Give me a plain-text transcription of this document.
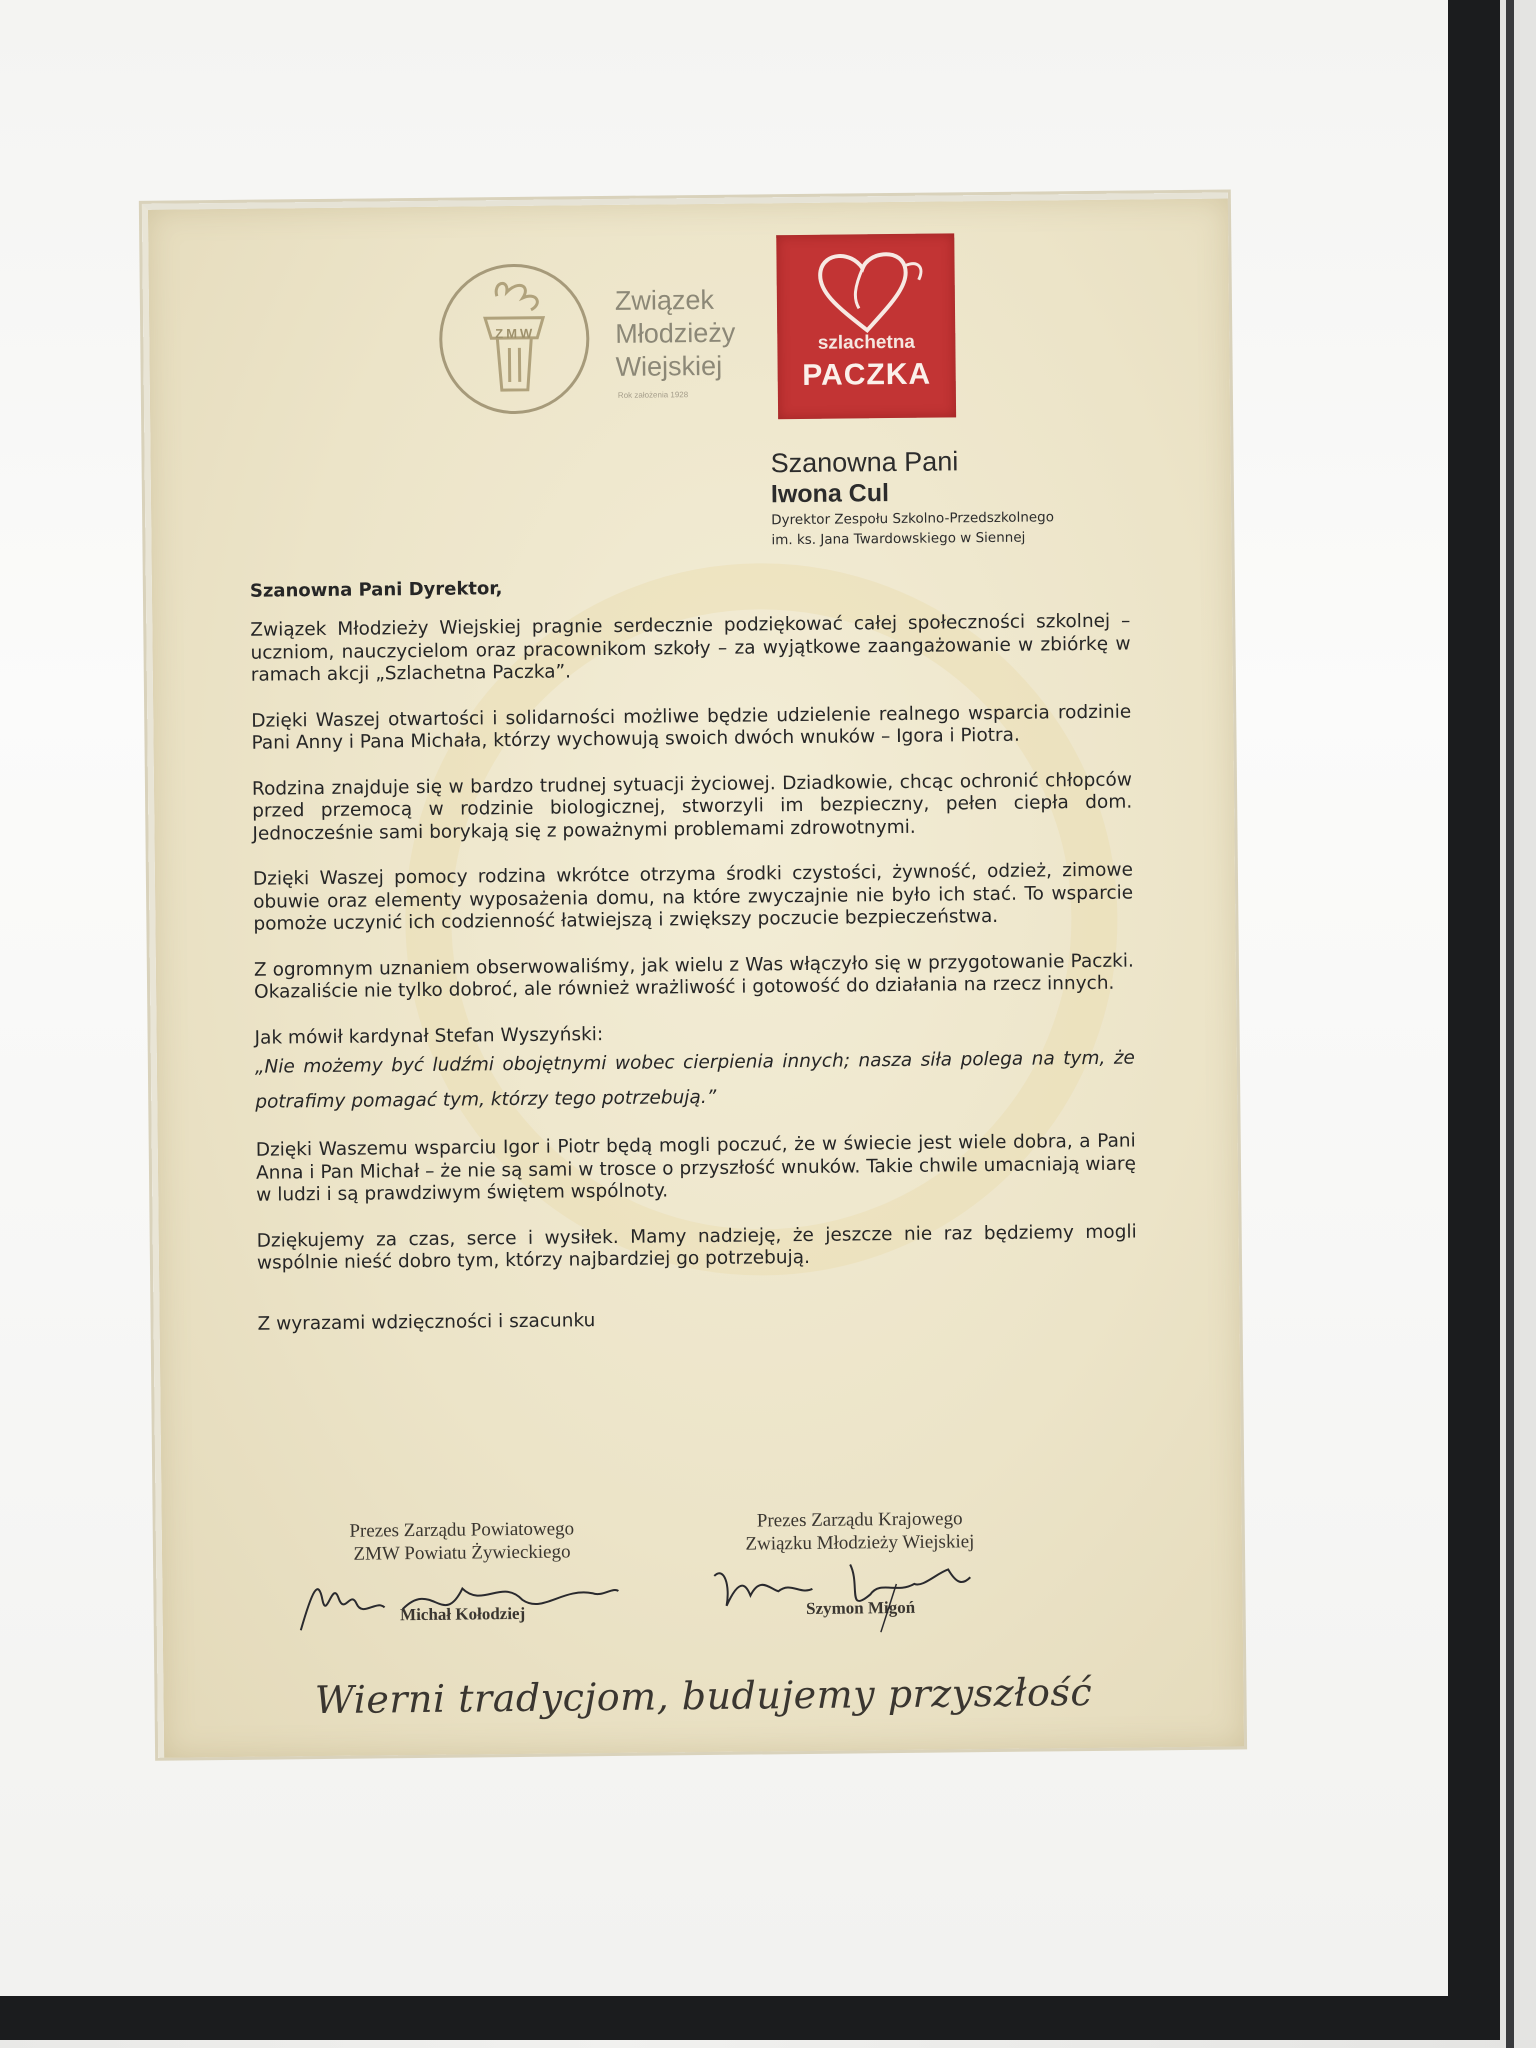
ZMW
Związek
Młodzieży
Wiejskiej
Rok założenia 1928
szlachetna
PACZKA
Szanowna Pani
Iwona Cul
Dyrektor Zespołu Szkolno-Przedszkolnego
im. ks. Jana Twardowskiego w Siennej
Szanowna Pani Dyrektor,

Związek Młodzieży Wiejskiej pragnie serdecznie podziękować całej społeczności szkolnej – uczniom, nauczycielom oraz pracownikom szkoły – za wyjątkowe zaangażowanie w zbiórkę w ramach akcji „Szlachetna Paczka”.

Dzięki Waszej otwartości i solidarności możliwe będzie udzielenie realnego wsparcia rodzinie Pani Anny i Pana Michała, którzy wychowują swoich dwóch wnuków – Igora i Piotra.

Rodzina znajduje się w bardzo trudnej sytuacji życiowej. Dziadkowie, chcąc ochronić chłopców przed przemocą w rodzinie biologicznej, stworzyli im bezpieczny, pełen ciepła dom. Jednocześnie sami borykają się z poważnymi problemami zdrowotnymi.

Dzięki Waszej pomocy rodzina wkrótce otrzyma środki czystości, żywność, odzież, zimowe obuwie oraz elementy wyposażenia domu, na które zwyczajnie nie było ich stać. To wsparcie pomoże uczynić ich codzienność łatwiejszą i zwiększy poczucie bezpieczeństwa.

Z ogromnym uznaniem obserwowaliśmy, jak wielu z Was włączyło się w przygotowanie Paczki. Okazaliście nie tylko dobroć, ale również wrażliwość i gotowość do działania na rzecz innych.

Jak mówił kardynał Stefan Wyszyński:

„Nie możemy być ludźmi obojętnymi wobec cierpienia innych; nasza siła polega na tym, że potrafimy pomagać tym, którzy tego potrzebują.”

Dzięki Waszemu wsparciu Igor i Piotr będą mogli poczuć, że w świecie jest wiele dobra, a Pani Anna i Pan Michał – że nie są sami w trosce o przyszłość wnuków. Takie chwile umacniają wiarę w ludzi i są prawdziwym świętem wspólnoty.

Dziękujemy za czas, serce i wysiłek. Mamy nadzieję, że jeszcze nie raz będziemy mogli wspólnie nieść dobro tym, którzy najbardziej go potrzebują.

Z wyrazami wdzięczności i szacunku
Prezes Zarządu Powiatowego
ZMW Powiatu Żywieckiego
Michał Kołodziej
Prezes Zarządu Krajowego
Związku Młodzieży Wiejskiej
Szymon Migoń
Wierni tradycjom, budujemy przyszłość
